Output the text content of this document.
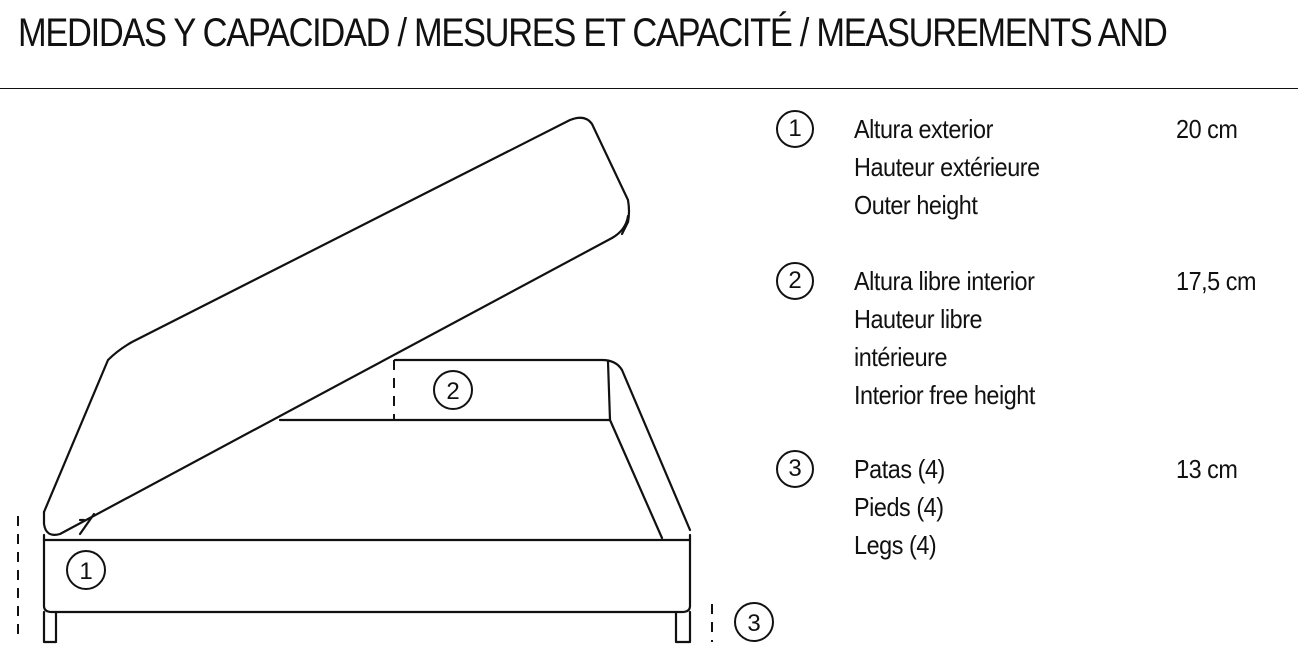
MEDIDAS Y CAPACIDAD / MESURES ET CAPACITÉ / MEASUREMENTS AND
1
2
3
1	Altura exterior
Hauteur extérieure
Outer height
20 cm
2	Altura libre interior
Hauteur libre
intérieure
Interior free height
17,5 cm
3	Patas (4)
Pieds (4)
Legs (4)
13 cm
